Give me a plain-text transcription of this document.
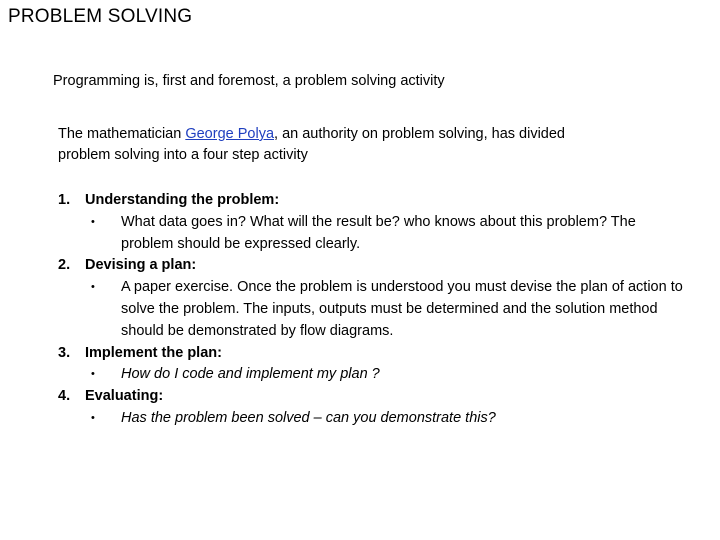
PROBLEM SOLVING
Programming is, first and foremost, a problem solving activity
The mathematician George Polya, an authority on problem solving, has divided problem solving into a four step activity
1.	Understanding the problem:
•	What data goes in? What will the result be? who knows about this problem? The problem should be expressed clearly.
2.	Devising a plan:
•	A paper exercise. Once the problem is understood you must devise the plan of action to solve the problem. The inputs, outputs must be determined and the solution method should be demonstrated by flow diagrams.
3.	Implement the plan:
•	How do I code and implement my plan ?
4.	Evaluating:
•	Has the problem been solved – can you demonstrate this?
